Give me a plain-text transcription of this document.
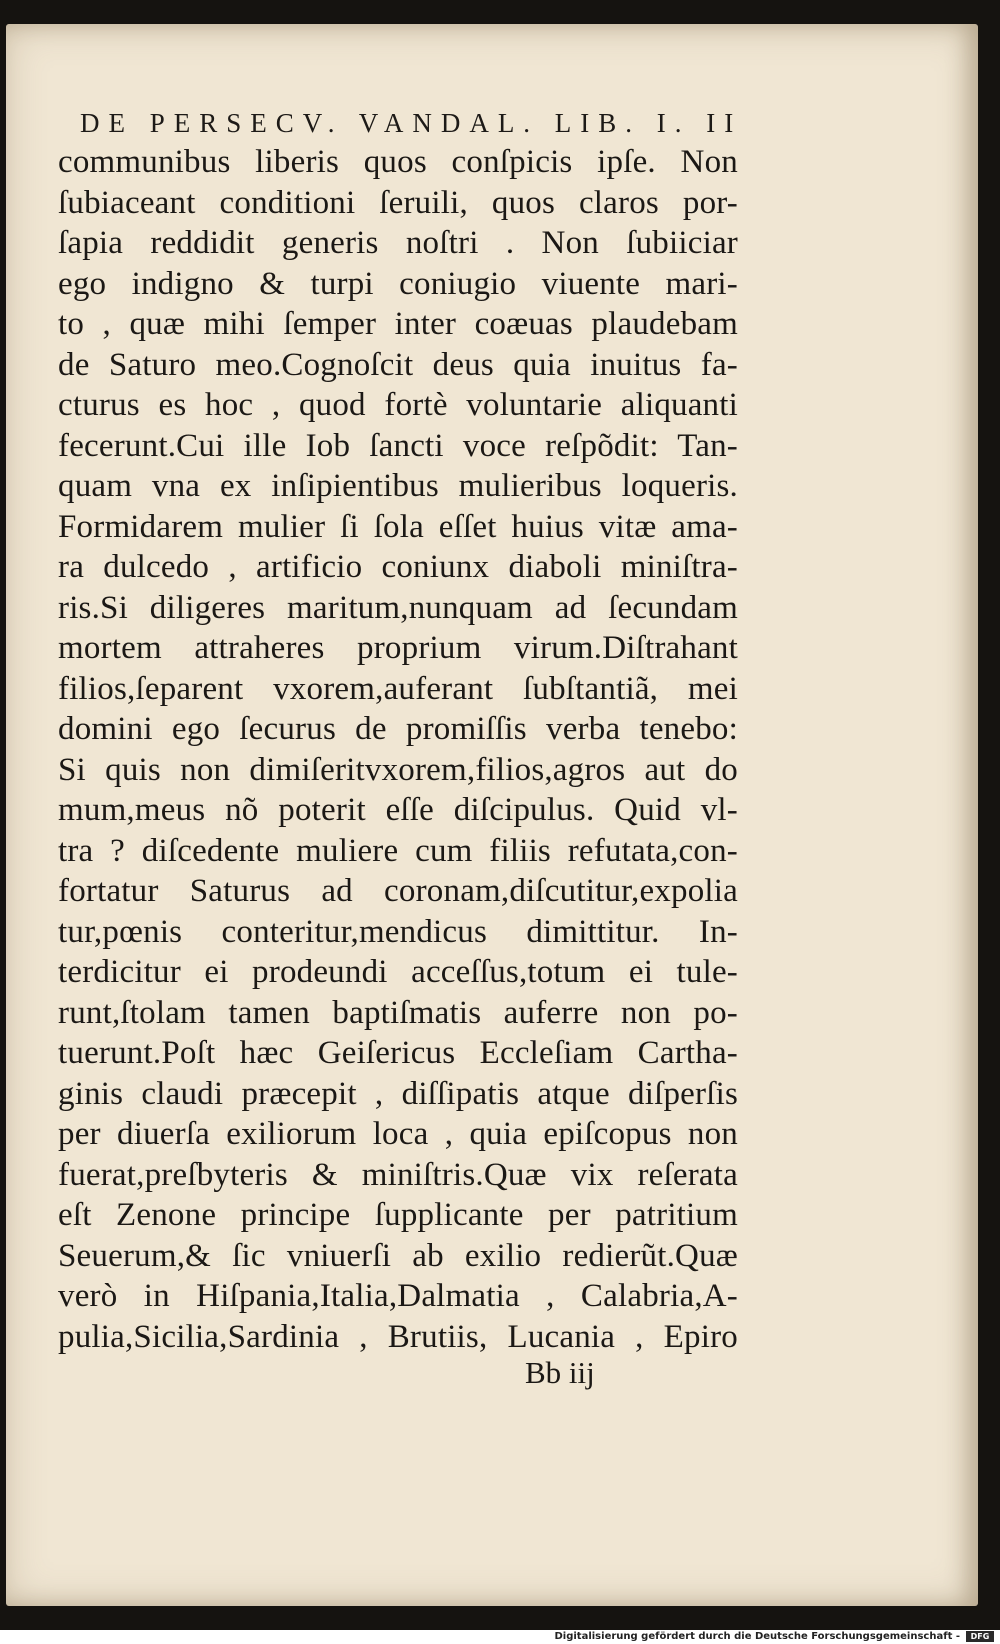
DE PERSECV. VANDAL. LIB. I. II
communibus liberis quos conſpicis ipſe. Non
ſubiaceant conditioni ſeruili, quos claros por-
ſapia reddidit generis noſtri . Non ſubiiciar
ego indigno & turpi coniugio viuente mari-
to , quæ mihi ſemper inter coæuas plaudebam
de Saturo meo.Cognoſcit deus quia inuitus fa-
cturus es hoc , quod fortè voluntarie aliquanti
fecerunt.Cui ille Iob ſancti voce reſpõdit: Tan-
quam vna ex inſipientibus mulieribus loqueris.
Formidarem mulier ſi ſola eſſet huius vitæ ama-
ra dulcedo , artificio coniunx diaboli miniſtra-
ris.Si diligeres maritum,nunquam ad ſecundam
mortem attraheres proprium virum.Diſtrahant
filios,ſeparent vxorem,auferant ſubſtantiã, mei
domini ego ſecurus de promiſſis verba tenebo:
Si quis non dimiſeritvxorem,filios,agros aut do
mum,meus nõ poterit eſſe diſcipulus. Quid vl-
tra ? diſcedente muliere cum filiis refutata,con-
fortatur Saturus ad coronam,diſcutitur,expolia
tur,pœnis conteritur,mendicus dimittitur. In-
terdicitur ei prodeundi acceſſus,totum ei tule-
runt,ſtolam tamen baptiſmatis auferre non po-
tuerunt.Poſt hæc Geiſericus Eccleſiam Cartha-
ginis claudi præcepit , diſſipatis atque diſperſis
per diuerſa exiliorum loca , quia epiſcopus non
fuerat,preſbyteris & miniſtris.Quæ vix reſerata
eſt Zenone principe ſupplicante per patritium
Seuerum,& ſic vniuerſi ab exilio redierũt.Quæ
verò in Hiſpania,Italia,Dalmatia , Calabria,A-
pulia,Sicilia,Sardinia , Brutiis, Lucania , Epiro
Bb iij
Digitalisierung gefördert durch die Deutsche Forschungsgemeinschaft -	DFG
